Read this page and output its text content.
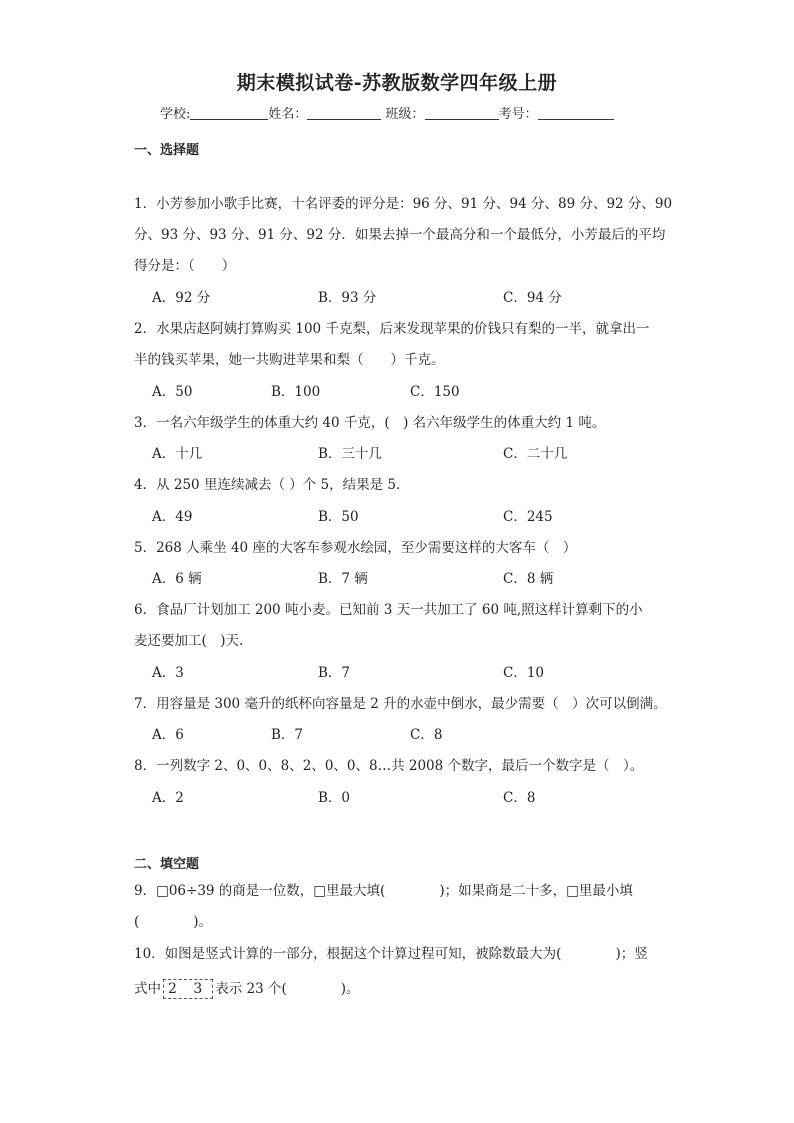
期末模拟试卷-苏教版数学四年级上册
学校:	姓名：	班级：	考号：
一、选择题
1．小芳参加小歌手比赛，十名评委的评分是：96 分、91 分、94 分、89 分、92 分、90
分、93 分、93 分、91 分、92 分．如果去掉一个最高分和一个最低分，小芳最后的平均
得分是：（　　）
A．92 分	B．93 分	C．94 分
2．水果店赵阿姨打算购买 100 千克梨，后来发现苹果的价钱只有梨的一半，就拿出一
半的钱买苹果，她一共购进苹果和梨（　　）千克。
A．50	B．100	C．150
3．一名六年级学生的体重大约 40 千克，(　) 名六年级学生的体重大约 1 吨。
A．十几	B．三十几	C．二十几
4．从 250 里连续减去（ ）个 5，结果是 5．
A．49	B．50	C．245
5．268 人乘坐 40 座的大客车参观水绘园，至少需要这样的大客车（　）
A．6 辆	B．7 辆	C．8 辆
6．食品厂计划加工 200 吨小麦。已知前 3 天一共加工了 60 吨,照这样计算剩下的小
麦还要加工(　)天.
A．3	B．7	C．10
7．用容量是 300 毫升的纸杯向容量是 2 升的水壶中倒水，最少需要（　）次可以倒满。
A．6	B．7	C．8
8．一列数字 2、0、0、8、2、0、0、8…共 2008 个数字，最后一个数字是（　）。
A．2	B．0	C．8
二、填空题
9．□06÷39 的商是一位数，□里最大填(　　　　)；如果商是二十多，□里最小填
(　　　　)。
10．如图是竖式计算的一部分，根据这个计算过程可知，被除数最大为(　　　　)；竖
式中 2 3 表示 23 个(　　　　)。
